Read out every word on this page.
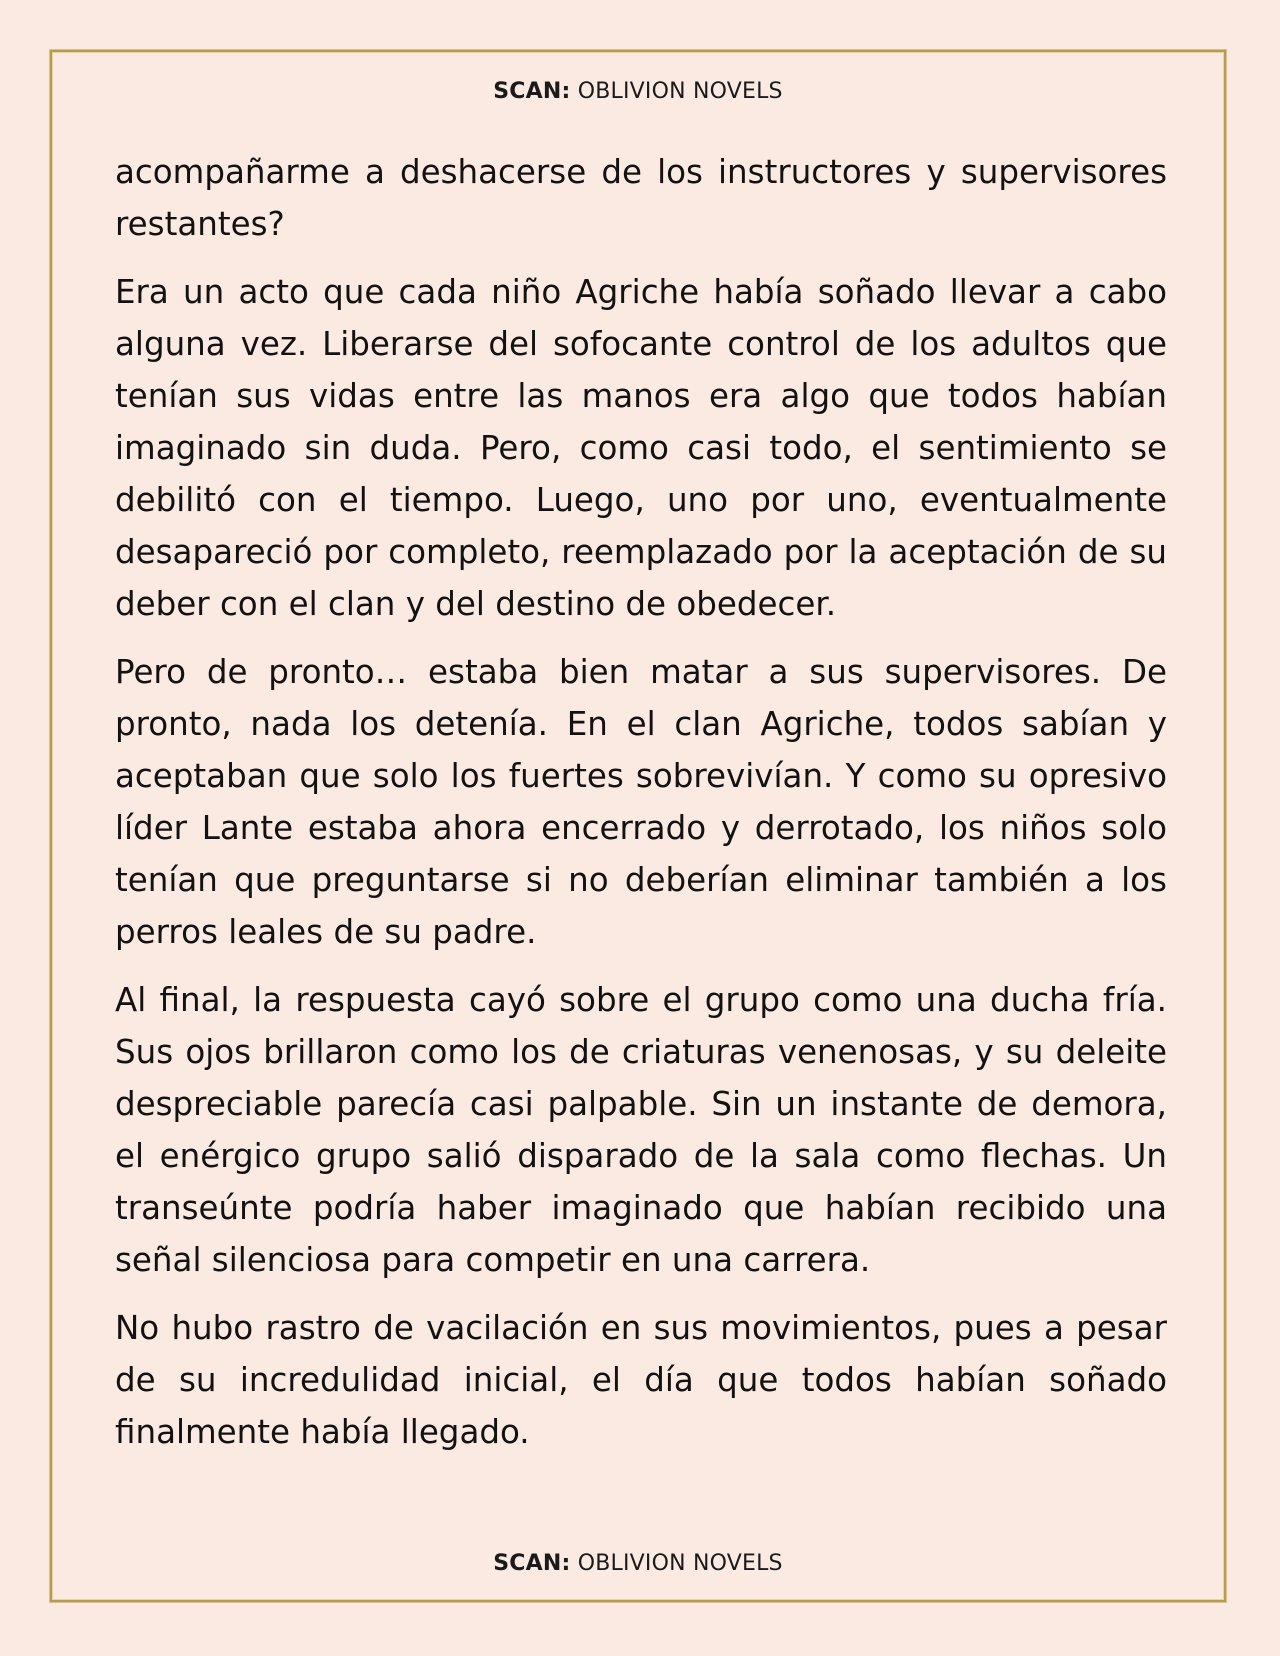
SCAN: OBLIVION NOVELS

acompañarme a deshacerse de los instructores y supervisores restantes?

Era un acto que cada niño Agriche había soñado llevar a cabo alguna vez. Liberarse del sofocante control de los adultos que tenían sus vidas entre las manos era algo que todos habían imaginado sin duda. Pero, como casi todo, el sentimiento se debilitó con el tiempo. Luego, uno por uno, eventualmente desapareció por completo, reemplazado por la aceptación de su deber con el clan y del destino de obedecer.

Pero de pronto… estaba bien matar a sus supervisores. De pronto, nada los detenía. En el clan Agriche, todos sabían y aceptaban que solo los fuertes sobrevivían. Y como su opresivo líder Lante estaba ahora encerrado y derrotado, los niños solo tenían que preguntarse si no deberían eliminar también a los perros leales de su padre.

Al final, la respuesta cayó sobre el grupo como una ducha fría. Sus ojos brillaron como los de criaturas venenosas, y su deleite despreciable parecía casi palpable. Sin un instante de demora, el enérgico grupo salió disparado de la sala como flechas. Un transeúnte podría haber imaginado que habían recibido una señal silenciosa para competir en una carrera.

No hubo rastro de vacilación en sus movimientos, pues a pesar de su incredulidad inicial, el día que todos habían soñado finalmente había llegado.

SCAN: OBLIVION NOVELS
